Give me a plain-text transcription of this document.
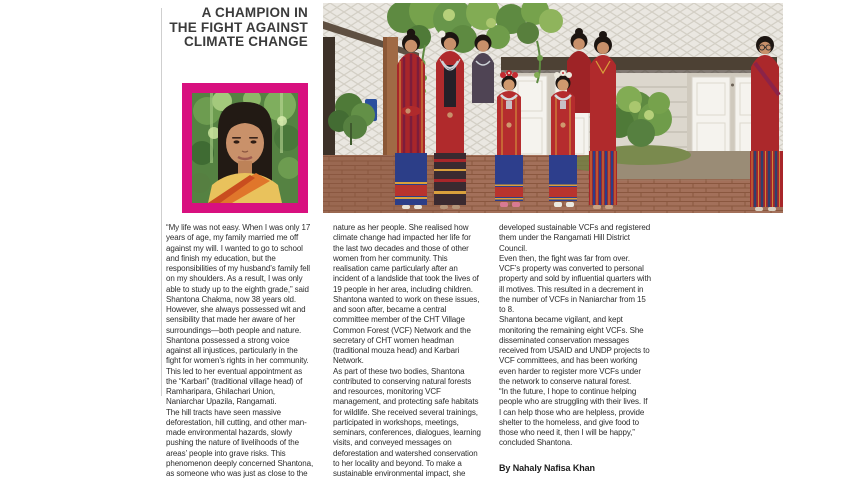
A CHAMPION IN
THE FIGHT AGAINST
CLIMATE CHANGE

“My life was not easy. When I was only 17 years of age, my family married me off against my will. I wanted to go to school and finish my education, but the responsibilities of my husband’s family fell on my shoulders. As a result, I was only able to study up to the eighth grade,” said Shantona Chakma, now 38 years old.

However, she always possessed wit and sensibility that made her aware of her surroundings—both people and nature.

Shantona possessed a strong voice against all injustices, particularly in the fight for women’s rights in her community.

This led to her eventual appointment as the “Karbari” (traditional village head) of Ramharipara, Ghilachari Union, Naniarchar Upazila, Rangamati.

The hill tracts have seen massive deforestation, hill cutting, and other man-made environmental hazards, slowly pushing the nature of livelihoods of the areas’ people into grave risks. This phenomenon deeply concerned Shantona, as someone who was just as close to the

nature as her people. She realised how climate change had impacted her life for the last two decades and those of other women from her community. This realisation came particularly after an incident of a landslide that took the lives of 19 people in her area, including children. Shantona wanted to work on these issues, and soon after, became a central committee member of the CHT Village Common Forest (VCF) Network and the secretary of CHT women headman (traditional mouza head) and Karbari Network.

As part of these two bodies, Shantona contributed to conserving natural forests and resources, monitoring VCF management, and protecting safe habitats for wildlife. She received several trainings, participated in workshops, meetings, seminars, conferences, dialogues, learning visits, and conveyed messages on deforestation and watershed conservation to her locality and beyond. To make a sustainable environmental impact, she

developed sustainable VCFs and registered them under the Rangamati Hill District Council.

Even then, the fight was far from over. VCF’s property was converted to personal property and sold by influential quarters with ill motives. This resulted in a decrement in the number of VCFs in Naniarchar from 15 to 8.

Shantona became vigilant, and kept monitoring the remaining eight VCFs. She disseminated conservation messages received from USAID and UNDP projects to VCF committees, and has been working even harder to register more VCFs under the network to conserve natural forest.

“In the future, I hope to continue helping people who are struggling with their lives. If I can help those who are helpless, provide shelter to the homeless, and give food to those who need it, then I will be happy,” concluded Shantona.

By Nahaly Nafisa Khan
